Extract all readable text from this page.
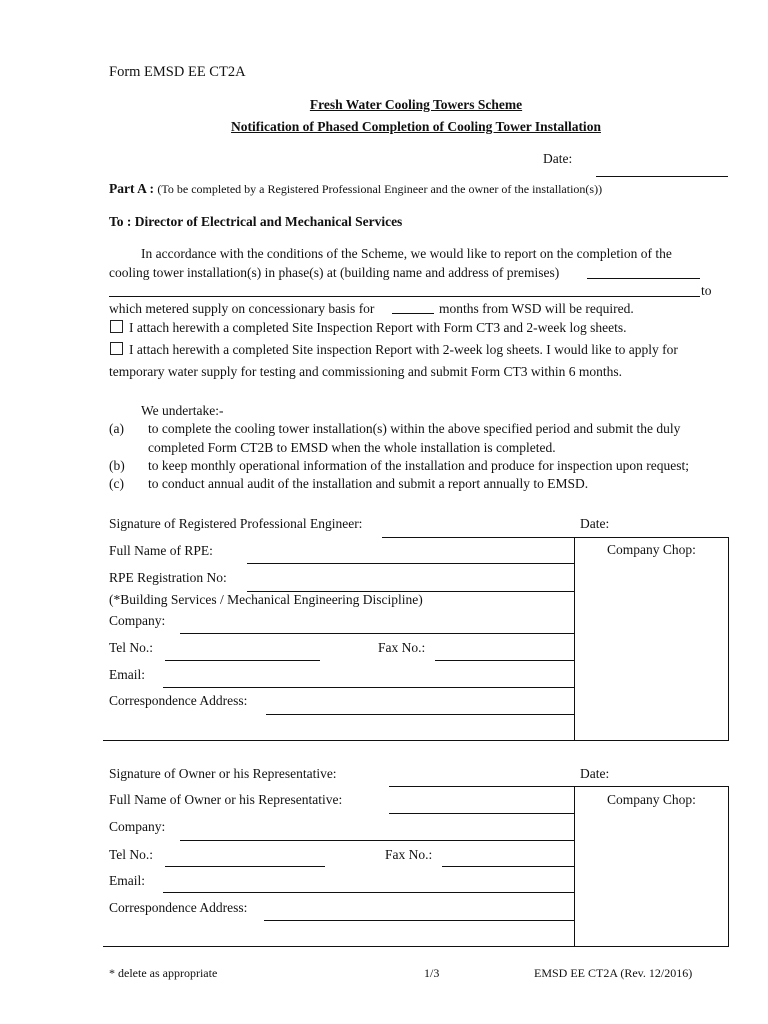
Form EMSD EE CT2A
Fresh Water Cooling Towers Scheme
Notification of Phased Completion of Cooling Tower Installation
Date:
Part A : (To be completed by a Registered Professional Engineer and the owner of the installation(s))
To : Director of Electrical and Mechanical Services
In accordance with the conditions of the Scheme, we would like to report on the completion of the
cooling tower installation(s) in phase(s) at (building name and address of premises)
to
which metered supply on concessionary basis for	months from WSD will be required.
I attach herewith a completed Site Inspection Report with Form CT3 and 2-week log sheets.
I attach herewith a completed Site inspection Report with 2-week log sheets. I would like to apply for
temporary water supply for testing and commissioning and submit Form CT3 within 6 months.
We undertake:-
(a) to complete the cooling tower installation(s) within the above specified period and submit the duly
completed Form CT2B to EMSD when the whole installation is completed.
(b) to keep monthly operational information of the installation and produce for inspection upon request;
(c) to conduct annual audit of the installation and submit a report annually to EMSD.
Signature of Registered Professional Engineer:	Date:
Company Chop:
Full Name of RPE:
RPE Registration No:
(*Building Services / Mechanical Engineering Discipline)
Company:
Tel No.:	Fax No.:
Email:
Correspondence Address:
Signature of Owner or his Representative:	Date:
Company Chop:
Full Name of Owner or his Representative:
Company:
Tel No.:	Fax No.:
Email:
Correspondence Address:
* delete as appropriate	1/3	EMSD EE CT2A (Rev. 12/2016)
